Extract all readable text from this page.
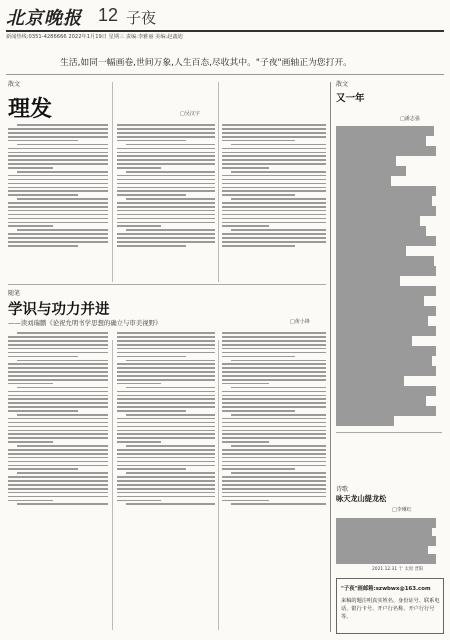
北京晚报 12 子夜
新闻热线:0351-4286666 2022年1月19日 星期三 责编:李雅丽 美编:赵鑫迪
生活,如同一幅画卷,世间万象,人生百态,尽收其中。"子夜"画轴正为您打开。
散文
理发	□吴汉宇
随笔
学识与功力并进
——读刘瑞鹏《论祝允明书学思想的确立与审美视野》	□黄小锋
散文
又一年
□潘志强
诗歌
咏天龙山缇龙松
□李琳红
2021.12.31 于 太原 晋阳
"子夜"画邮箱:szwbwx@163.com
来稿的题注明真实姓名、身份证号、联系电话、银行卡号、开户行名称、开户行行号等。
